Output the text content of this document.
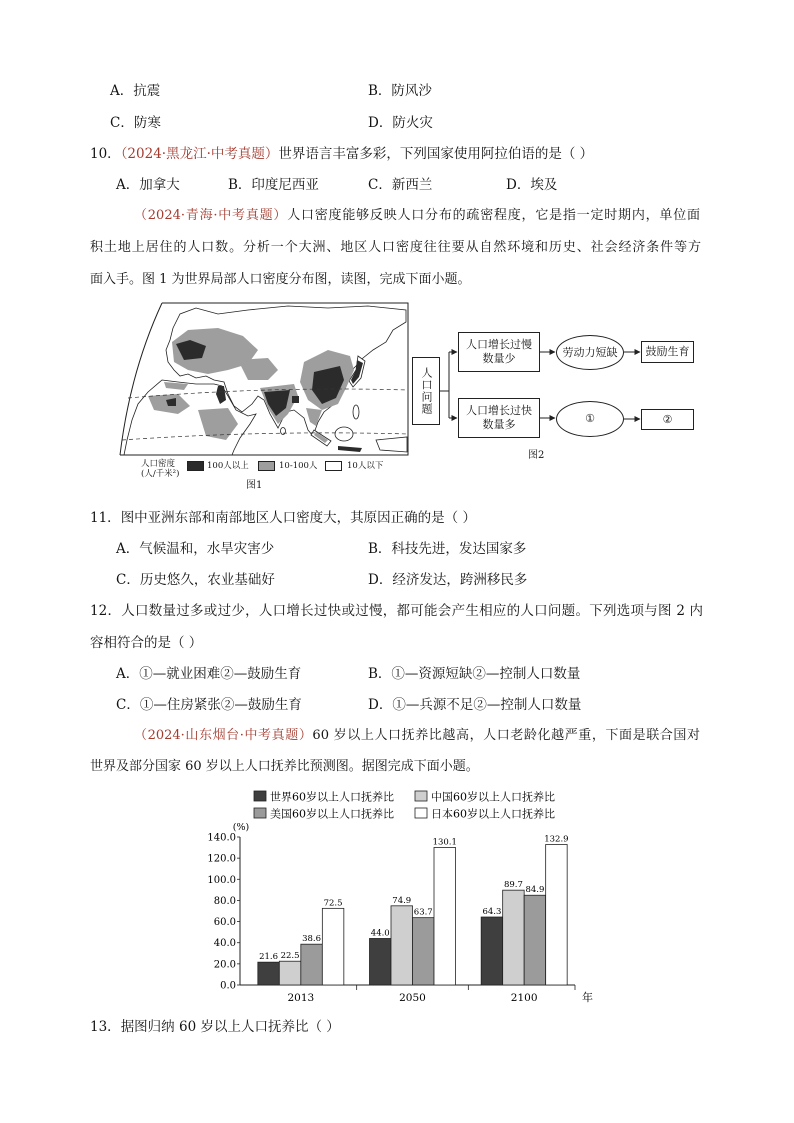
A．抗震	B．防风沙
C．防寒	D．防火灾
10．（2024·黑龙江·中考真题）世界语言丰富多彩，下列国家使用阿拉伯语的是（ ）
A．加拿大	B．印度尼西亚	C．新西兰	D．埃及
（2024·青海·中考真题）人口密度能够反映人口分布的疏密程度，它是指一定时期内，单位面
积土地上居住的人口数。分析一个大洲、地区人口密度往往要从自然环境和历史、社会经济条件等方
面入手。图 1 为世界局部人口密度分布图，读图，完成下面小题。
人口密度
(人/千米²)
100人以上	10-100人	10人以下
图1
人口问题
人口增长过慢
数量少	劳动力短缺	鼓励生育
人口增长过快
数量多	①	②
图2
11．图中亚洲东部和南部地区人口密度大，其原因正确的是（ ）
A．气候温和，水旱灾害少	B．科技先进，发达国家多
C．历史悠久，农业基础好	D．经济发达，跨洲移民多
12．人口数量过多或过少，人口增长过快或过慢，都可能会产生相应的人口问题。下列选项与图 2 内
容相符合的是（ ）
A．①—就业困难②—鼓励生育	B．①—资源短缺②—控制人口数量
C．①—住房紧张②—鼓励生育	D．①—兵源不足②—控制人口数量
（2024·山东烟台·中考真题）60 岁以上人口抚养比越高，人口老龄化越严重，下面是联合国对
世界及部分国家 60 岁以上人口抚养比预测图。据图完成下面小题。
(%)
年
世界60岁以上人口抚养比	中国60岁以上人口抚养比
美国60岁以上人口抚养比	日本60岁以上人口抚养比
0.0
20.0
40.0
60.0
80.0
100.0
120.0
140.0
2013
21.6 22.5
38.6
72.5
2050
44.0
74.9
63.7
130.1
2100
64.3
89.7
84.9
132.9
13．据图归纳 60 岁以上人口抚养比（ ）
